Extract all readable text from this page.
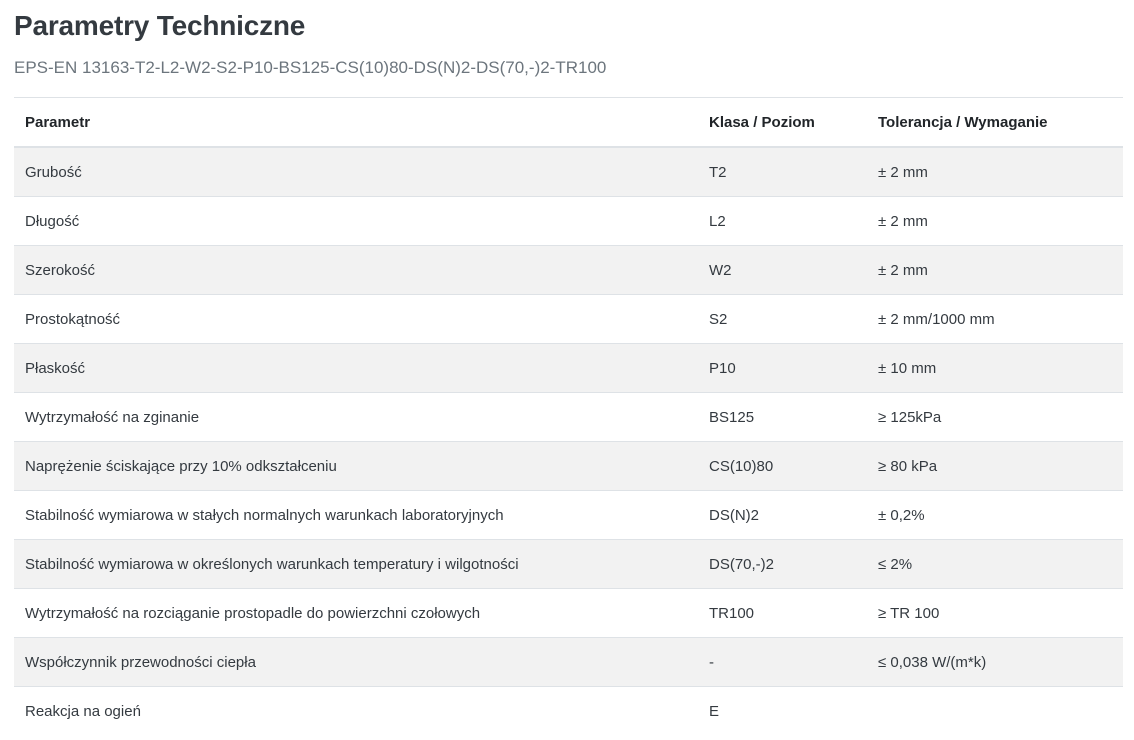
Parametry Techniczne

EPS-EN 13163-T2-L2-W2-S2-P10-BS125-CS(10)80-DS(N)2-DS(70,-)2-TR100

Parametr	Klasa / Poziom	Tolerancja / Wymaganie
Grubość	T2	± 2 mm
Długość	L2	± 2 mm
Szerokość	W2	± 2 mm
Prostokątność	S2	± 2 mm/1000 mm
Płaskość	P10	± 10 mm
Wytrzymałość na zginanie	BS125	≥ 125kPa
Naprężenie ściskające przy 10% odkształceniu	CS(10)80	≥ 80 kPa
Stabilność wymiarowa w stałych normalnych warunkach laboratoryjnych	DS(N)2	± 0,2%
Stabilność wymiarowa w określonych warunkach temperatury i wilgotności	DS(70,-)2	≤ 2%
Wytrzymałość na rozciąganie prostopadle do powierzchni czołowych	TR100	≥ TR 100
Współczynnik przewodności ciepła	-	≤ 0,038 W/(m*k)
Reakcja na ogień	E	
